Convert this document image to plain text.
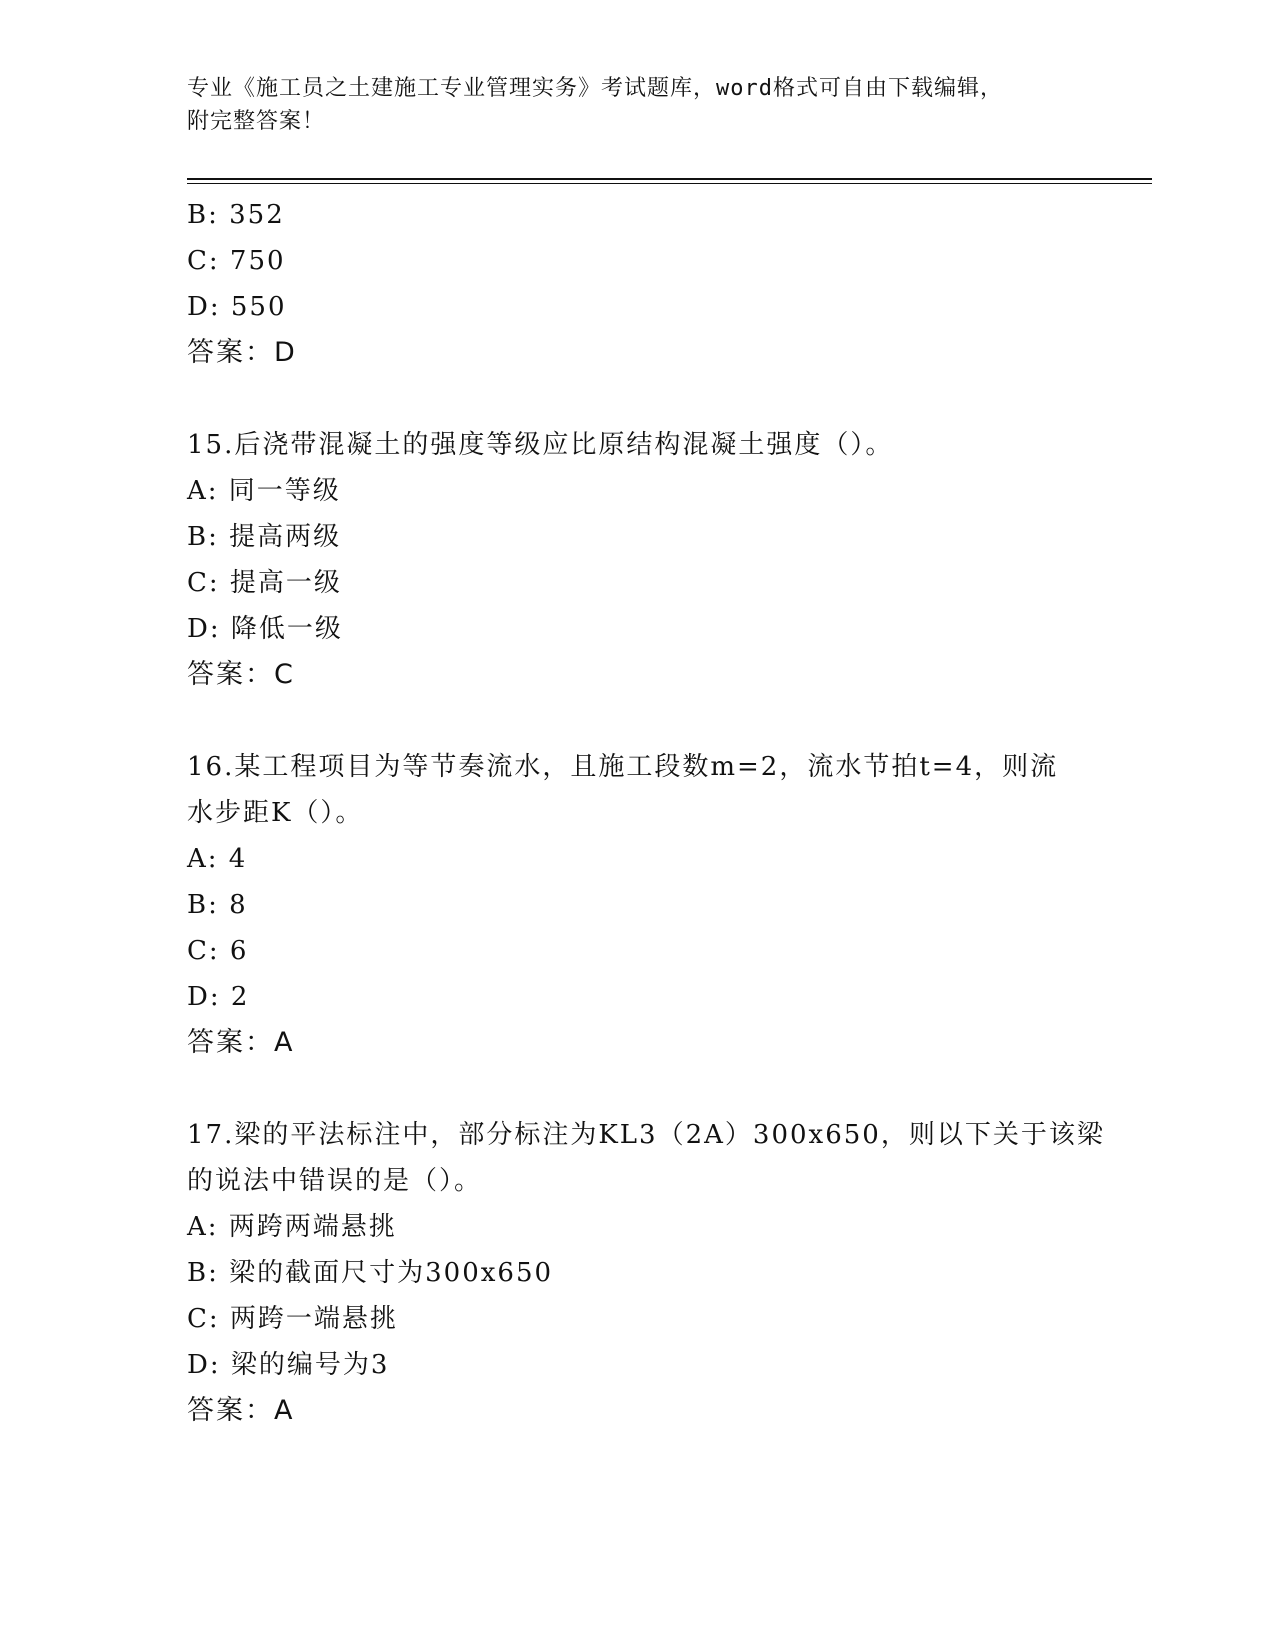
专业《施工员之土建施工专业管理实务》考试题库，word格式可自由下载编辑，
附完整答案！
B: 352
C: 750
D: 550
答案：D
15.后浇带混凝土的强度等级应比原结构混凝土强度（）。
A: 同一等级
B: 提高两级
C: 提高一级
D: 降低一级
答案：C
16.某工程项目为等节奏流水，且施工段数m=2，流水节拍t=4，则流
水步距K（）。
A: 4
B: 8
C: 6
D: 2
答案：A
17.梁的平法标注中，部分标注为KL3（2A）300x650，则以下关于该梁
的说法中错误的是（）。
A: 两跨两端悬挑
B: 梁的截面尺寸为300x650
C: 两跨一端悬挑
D: 梁的编号为3
答案：A
